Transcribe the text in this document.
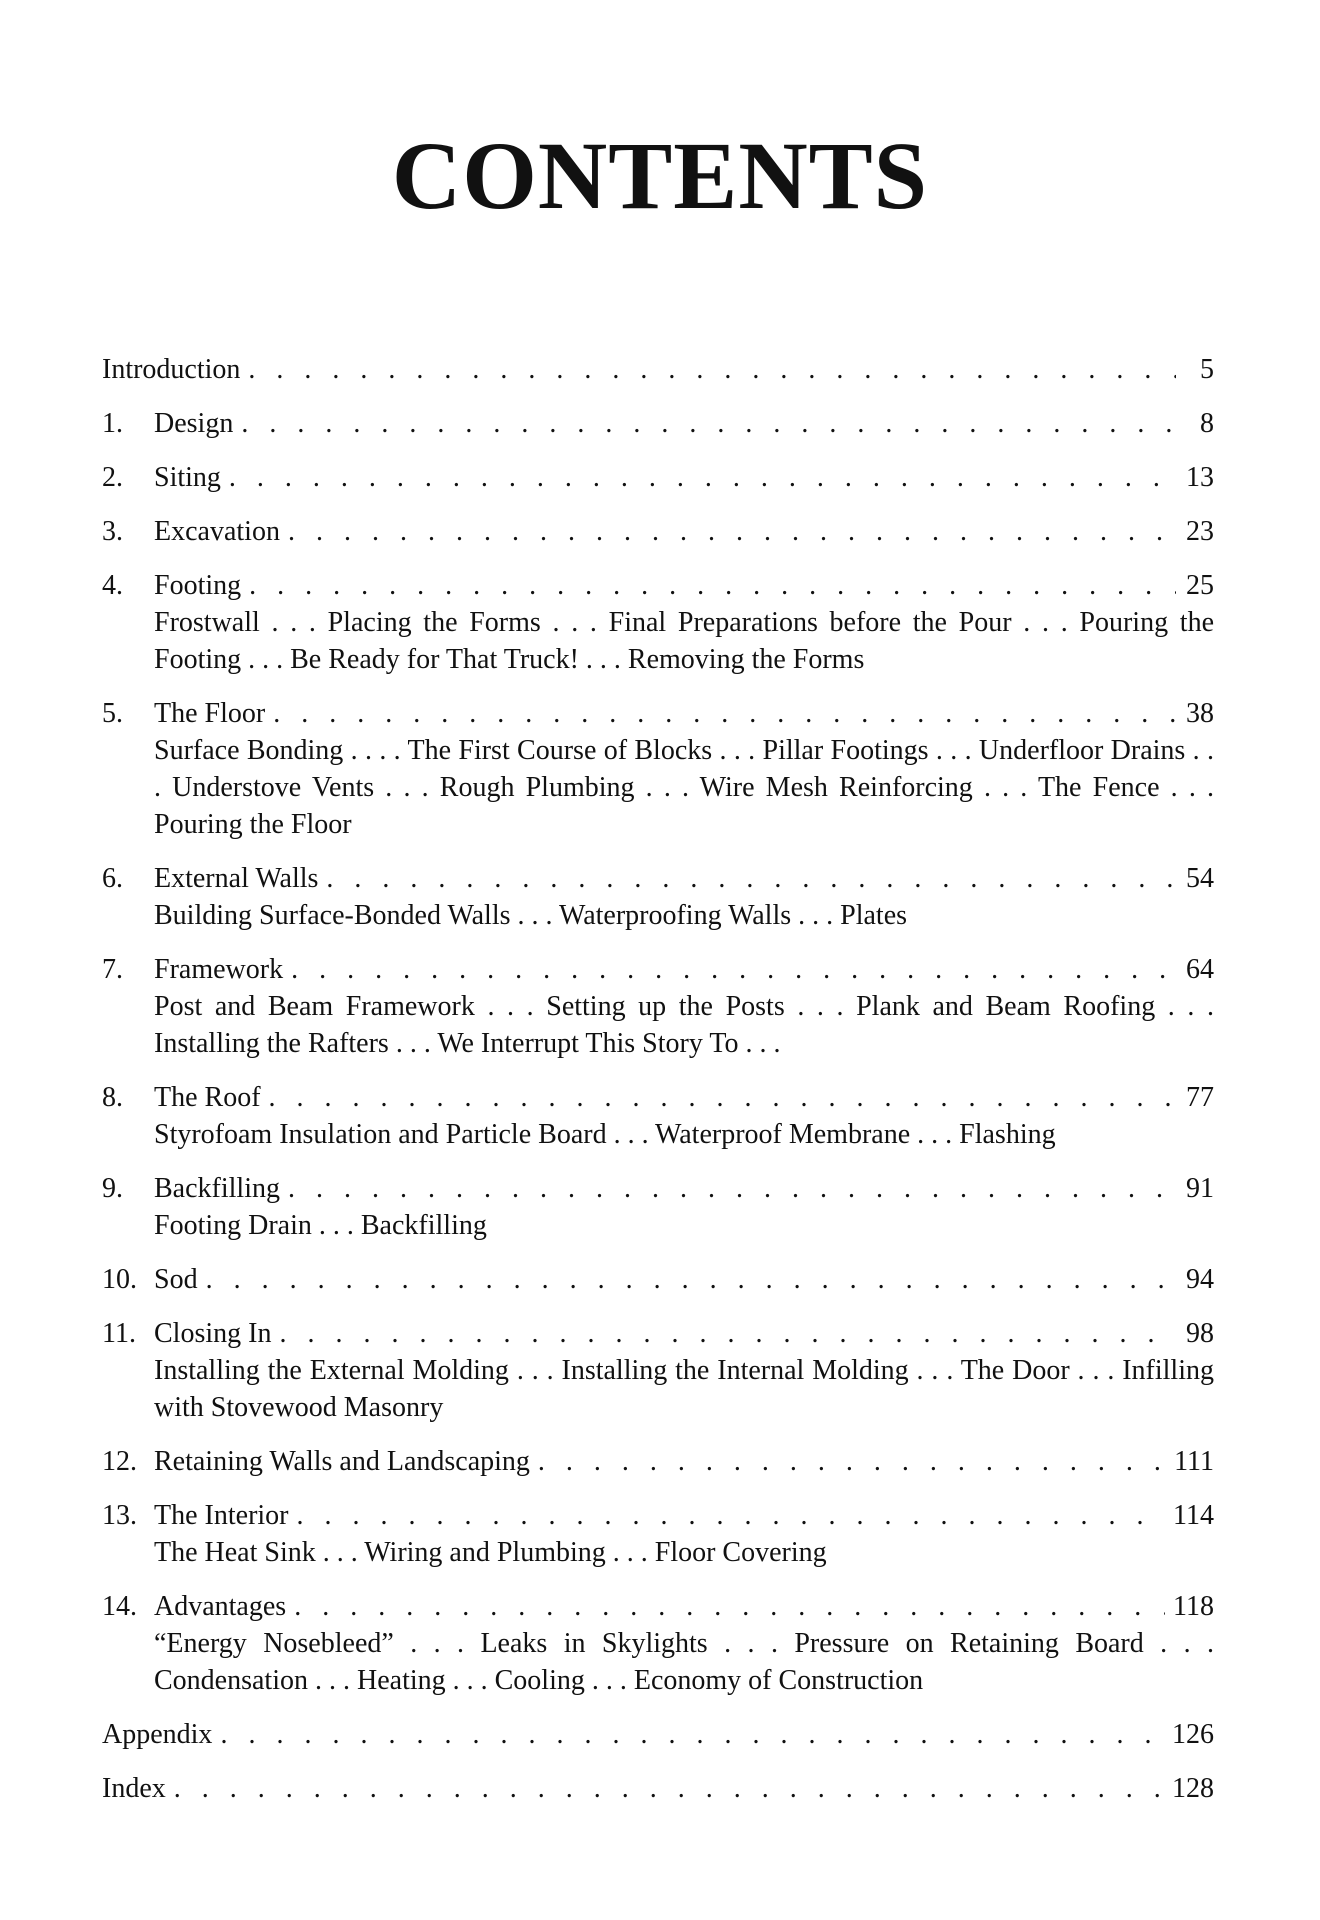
CONTENTS
Introduction . . .	5
1.	Design . . .	8
2.	Siting . . .	13
3.	Excavation . . .	23
4.	Footing . . .	25
Frostwall . . . Placing the Forms . . . Final Preparations before the Pour . . . Pouring the Footing . . . Be Ready for That Truck! . . . Removing the Forms
5.	The Floor . . .	38
Surface Bonding . . . . The First Course of Blocks . . . Pillar Footings . . . Underfloor Drains . . . Understove Vents . . . Rough Plumbing . . . Wire Mesh Reinforcing . . . The Fence . . . Pouring the Floor
6.	External Walls . . .	54
Building Surface-Bonded Walls . . . Waterproofing Walls . . . Plates
7.	Framework . . .	64
Post and Beam Framework . . . Setting up the Posts . . . Plank and Beam Roofing . . . Installing the Rafters . . . We Interrupt This Story To . . .
8.	The Roof . . .	77
Styrofoam Insulation and Particle Board . . . Waterproof Membrane . . . Flashing
9.	Backfilling . . .	91
Footing Drain . . . Backfilling
10. Sod . . .	94
11. Closing In . . .	98
Installing the External Molding . . . Installing the Internal Molding . . . The Door . . . Infilling with Stovewood Masonry
12. Retaining Walls and Landscaping . . .	111
13. The Interior . . .	114
The Heat Sink . . . Wiring and Plumbing . . . Floor Covering
14. Advantages . . .	118
“Energy Nosebleed” . . . Leaks in Skylights . . . Pressure on Retaining Board . . . Condensation . . . Heating . . . Cooling . . . Economy of Construction
Appendix . . .	126
Index . . .	128
